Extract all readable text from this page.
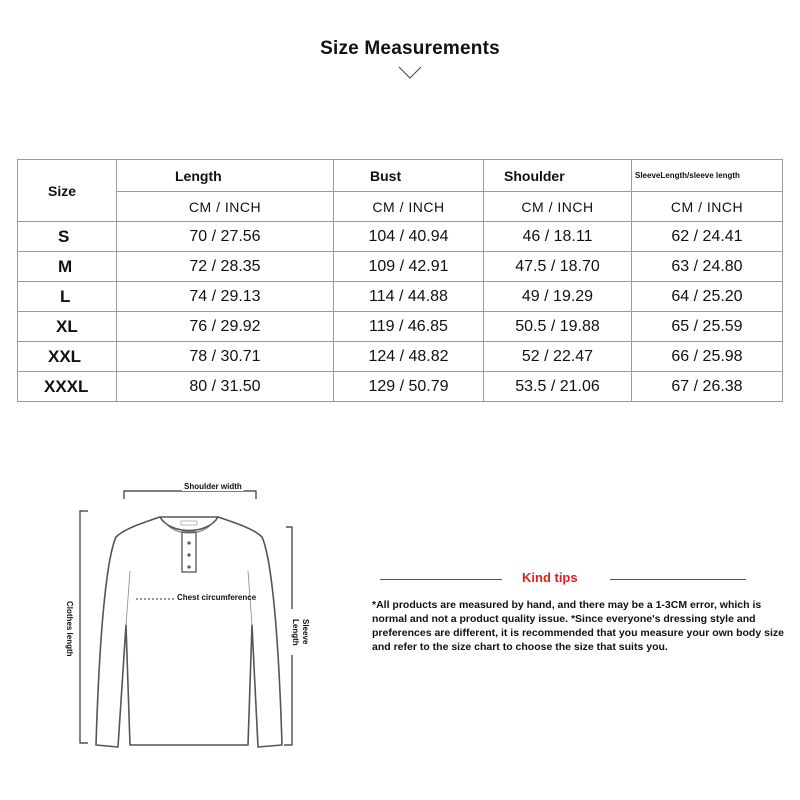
Size Measurements
Size	Length	Bust	Shoulder	SleeveLength/sleeve length
	CM / INCH	CM / INCH	CM / INCH	CM / INCH
S	70 / 27.56	104 / 40.94	46 / 18.11	62 / 24.41
M	72 / 28.35	109 / 42.91	47.5 / 18.70	63 / 24.80
L	74 / 29.13	114 / 44.88	49 / 19.29	64 / 25.20
XL	76 / 29.92	119 / 46.85	50.5 / 19.88	65 / 25.59
XXL	78 / 30.71	124 / 48.82	52 / 22.47	66 / 25.98
XXXL	80 / 31.50	129 / 50.79	53.5 / 21.06	67 / 26.38
Shoulder width
Chest circumference
Clothes length	Sleeve Length
Kind tips
*All products are measured by hand, and there may be a 1-3CM error, which is normal and not a product quality issue. *Since everyone's dressing style and preferences are different, it is recommended that you measure your own body size and refer to the size chart to choose the size that suits you.
